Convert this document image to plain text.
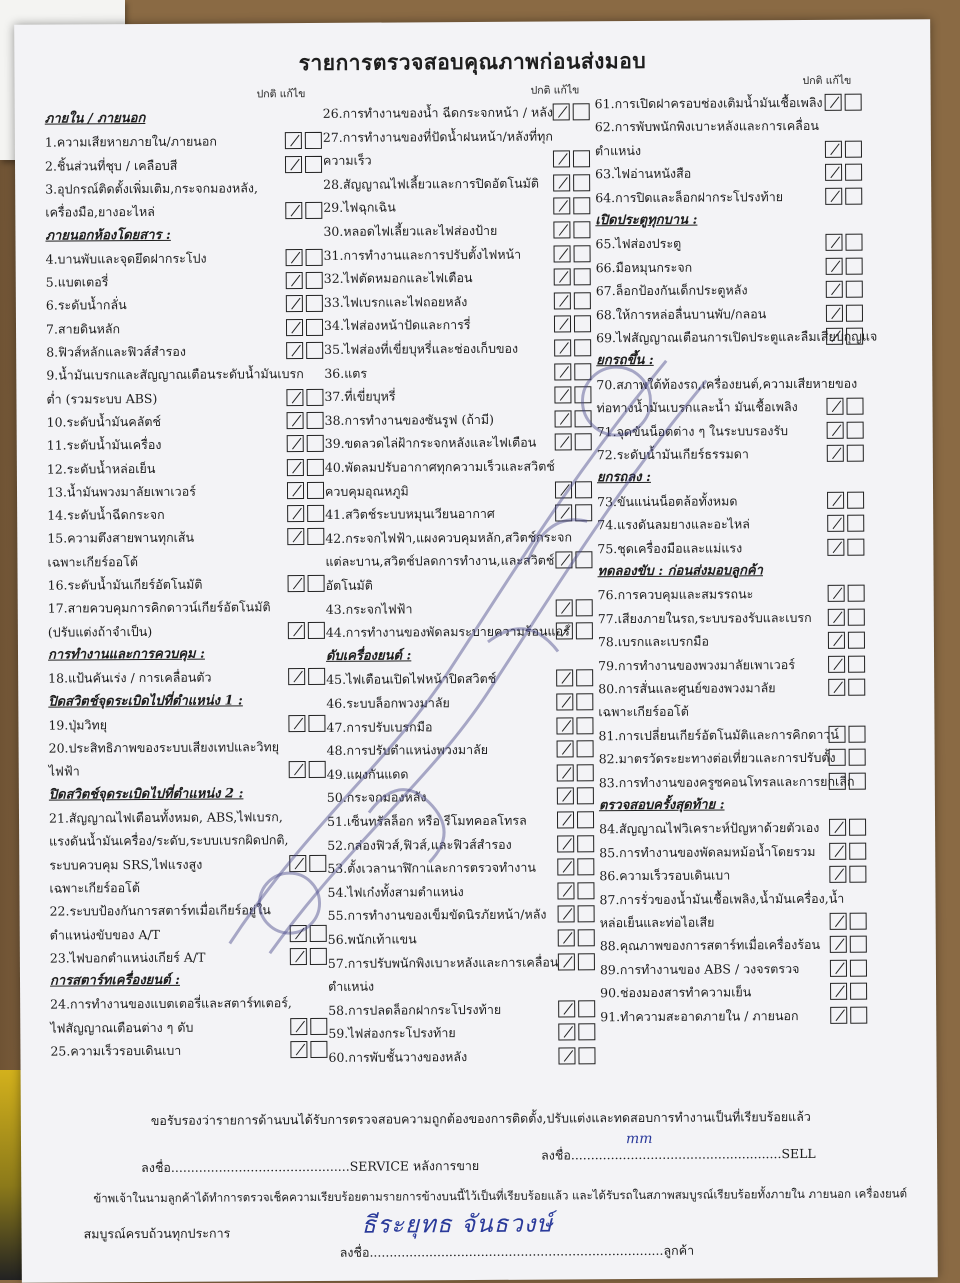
รายการตรวจสอบคุณภาพก่อนส่งมอบ
ปกติ แก้ไข	ปกติ แก้ไข
ปกติ แก้ไข
ภายใน / ภายนอก
1.ความเสียหายภายใน/ภายนอก
2.ชิ้นส่วนที่ชุบ / เคลือบสี
3.อุปกรณ์ติดตั้งเพิ่มเติม,กระจกมองหลัง,
เครื่องมือ,ยางอะไหล่
ภายนอกห้องโดยสาร :
4.บานพับและจุดยึดฝากระโปง
5.แบตเตอรี่
6.ระดับน้ำกลั่น
7.สายดินหลัก
8.ฟิวส์หลักและฟิวส์สำรอง
9.น้ำมันเบรกและสัญญาณเตือนระดับน้ำมันเบรก
ต่ำ (รวมระบบ ABS)
10.ระดับน้ำมันคลัตช์
11.ระดับน้ำมันเครื่อง
12.ระดับน้ำหล่อเย็น
13.น้ำมันพวงมาลัยเพาเวอร์
14.ระดับน้ำฉีดกระจก
15.ความตึงสายพานทุกเส้น
เฉพาะเกียร์ออโต้
16.ระดับน้ำมันเกียร์อัตโนมัติ
17.สายควบคุมการคิกดาวน์เกียร์อัตโนมัติ
(ปรับแต่งถ้าจำเป็น)
การทำงานและการควบคุม :
18.แป้นคันเร่ง / การเคลื่อนตัว
ปิดสวิตช์จุดระเบิดไปที่ตำแหน่ง 1 :
19.ปุ่มวิทยุ
20.ประสิทธิภาพของระบบเสียงเทปและวิทยุ
ไฟฟ้า
ปิดสวิตช์จุดระเบิดไปที่ตำแหน่ง 2 :
21.สัญญาณไฟเตือนทั้งหมด, ABS,ไฟเบรก,
แรงดันน้ำมันเครื่อง/ระดับ,ระบบเบรกผิดปกติ,
ระบบควบคุม SRS,ไฟแรงสูง
เฉพาะเกียร์ออโต้
22.ระบบป้องกันการสตาร์ทเมื่อเกียร์อยู่ใน
ตำแหน่งขับของ A/T
23.ไฟบอกตำแหน่งเกียร์ A/T
การสตาร์ทเครื่องยนต์ :
24.การทำงานของแบตเตอรี่และสตาร์ทเตอร์,
ไฟสัญญาณเตือนต่าง ๆ ดับ
25.ความเร็วรอบเดินเบา
26.การทำงานของน้ำ ฉีดกระจกหน้า / หลัง
27.การทำงานของที่ปัดน้ำฝนหน้า/หลังที่ทุก
ความเร็ว
28.สัญญาณไฟเลี้ยวและการปิดอัตโนมัติ
29.ไฟฉุกเฉิน
30.หลอดไฟเลี้ยวและไฟส่องป้าย
31.การทำงานและการปรับตั้งไฟหน้า
32.ไฟตัดหมอกและไฟเตือน
33.ไฟเบรกและไฟถอยหลัง
34.ไฟส่องหน้าปัดและการรี่
35.ไฟส่องที่เขี่ยบุหรี่และช่องเก็บของ
36.แตร
37.ที่เขี่ยบุหรี่
38.การทำงานของซันรูฟ (ถ้ามี)
39.ขดลวดไล่ฝ้ากระจกหลังและไฟเตือน
40.พัดลมปรับอากาศทุกความเร็วและสวิตช์
ควบคุมอุณหภูมิ
41.สวิตช์ระบบหมุนเวียนอากาศ
42.กระจกไฟฟ้า,แผงควบคุมหลัก,สวิตช์กระจก
แต่ละบาน,สวิตช์ปลดการทำงาน,และสวิตช์
อัตโนมัติ
43.กระจกไฟฟ้า
44.การทำงานของพัดลมระบายความร้อนแอร์
ดับเครื่องยนต์ :
45.ไฟเตือนเปิดไฟหน้าปิดสวิตช์
46.ระบบล็อกพวงมาลัย
47.การปรับเบรกมือ
48.การปรับตำแหน่งพวงมาลัย
49.แผงกันแดด
50.กระจกมองหลัง
51.เซ็นทรัลล็อก หรือ รีโมทคอลโทรล
52.กล่องฟิวส์,ฟิวส์,และฟิวส์สำรอง
53.ตั้งเวลานาฬิกาและการตรวจทำงาน
54.ไฟเก๋งทั้งสามตำแหน่ง
55.การทำงานของเข็มขัดนิรภัยหน้า/หลัง
56.พนักเท้าแขน
57.การปรับพนักพิงเบาะหลังและการเคลื่อน
ตำแหน่ง
58.การปลดล็อกฝากระโปรงท้าย
59.ไฟส่องกระโปรงท้าย
60.การพับชั้นวางของหลัง
61.การเปิดฝาครอบช่องเติมน้ำมันเชื้อเพลิง
62.การพับพนักพิงเบาะหลังและการเคลื่อน
ตำแหน่ง
63.ไฟอ่านหนังสือ
64.การปิดและล็อกฝากระโปรงท้าย
เปิดประตูทุกบาน :
65.ไฟส่องประตู
66.มือหมุนกระจก
67.ล็อกป้องกันเด็กประตูหลัง
68.ให้การหล่อลื่นบานพับ/กลอน
69.ไฟสัญญาณเตือนการเปิดประตูและลืมเสียบกุญแจ
ยกรถขึ้น :
70.สภาพใต้ท้องรถ,เครื่องยนต์,ความเสียหายของ
ท่อทางน้ำมันเบรกและน้ำ มันเชื้อเพลิง
71.จุดขันน็อตต่าง ๆ ในระบบรองรับ
72.ระดับน้ำมันเกียร์ธรรมดา
ยกรถลง :
73.ขันแน่นน็อตล้อทั้งหมด
74.แรงดันลมยางและอะไหล่
75.ชุดเครื่องมือและแม่แรง
ทดลองขับ : ก่อนส่งมอบลูกค้า
76.การควบคุมและสมรรถนะ
77.เสียงภายในรถ,ระบบรองรับและเบรก
78.เบรกและเบรกมือ
79.การทำงานของพวงมาลัยเพาเวอร์
80.การสั่นและศูนย์ของพวงมาลัย
เฉพาะเกียร์ออโต้
81.การเปลี่ยนเกียร์อัตโนมัติและการคิกดาวน์
82.มาตรวัดระยะทางต่อเที่ยวและการปรับตั้ง
83.การทำงานของครูซคอนโทรลและการยกเลิก
ตรวจสอบครั้งสุดท้าย :
84.สัญญาณไฟวิเคราะห์ปัญหาด้วยตัวเอง
85.การทำงานของพัดลมหม้อน้ำโดยรวม
86.ความเร็วรอบเดินเบา
87.การรั่วของน้ำมันเชื้อเพลิง,น้ำมันเครื่อง,น้ำ
หล่อเย็นและท่อไอเสีย
88.คุณภาพของการสตาร์ทเมื่อเครื่องร้อน
89.การทำงานของ ABS / วงจรตรวจ
90.ช่องมองสารทำความเย็น
91.ทำความสะอาดภายใน / ภายนอก
ขอรับรองว่ารายการด้านบนได้รับการตรวจสอบความถูกต้องของการติดตั้ง,ปรับแต่งและทดสอบการทำงานเป็นที่เรียบร้อยแล้ว
ลงชื่อ.............................................SERVICE หลังการขาย
ลงชื่อ.....................................................SELL
mm
ข้าพเจ้าในนามลูกค้าได้ทำการตรวจเช็คความเรียบร้อยตามรายการข้างบนนี้ไว้เป็นที่เรียบร้อยแล้ว และได้รับรถในสภาพสมบูรณ์เรียบร้อยทั้งภายใน ภายนอก เครื่องยนต์
สมบูรณ์ครบถ้วนทุกประการ
ลงชื่อ..........................................................................ลูกค้า
ธีระยุทธ จันธวงษ์
